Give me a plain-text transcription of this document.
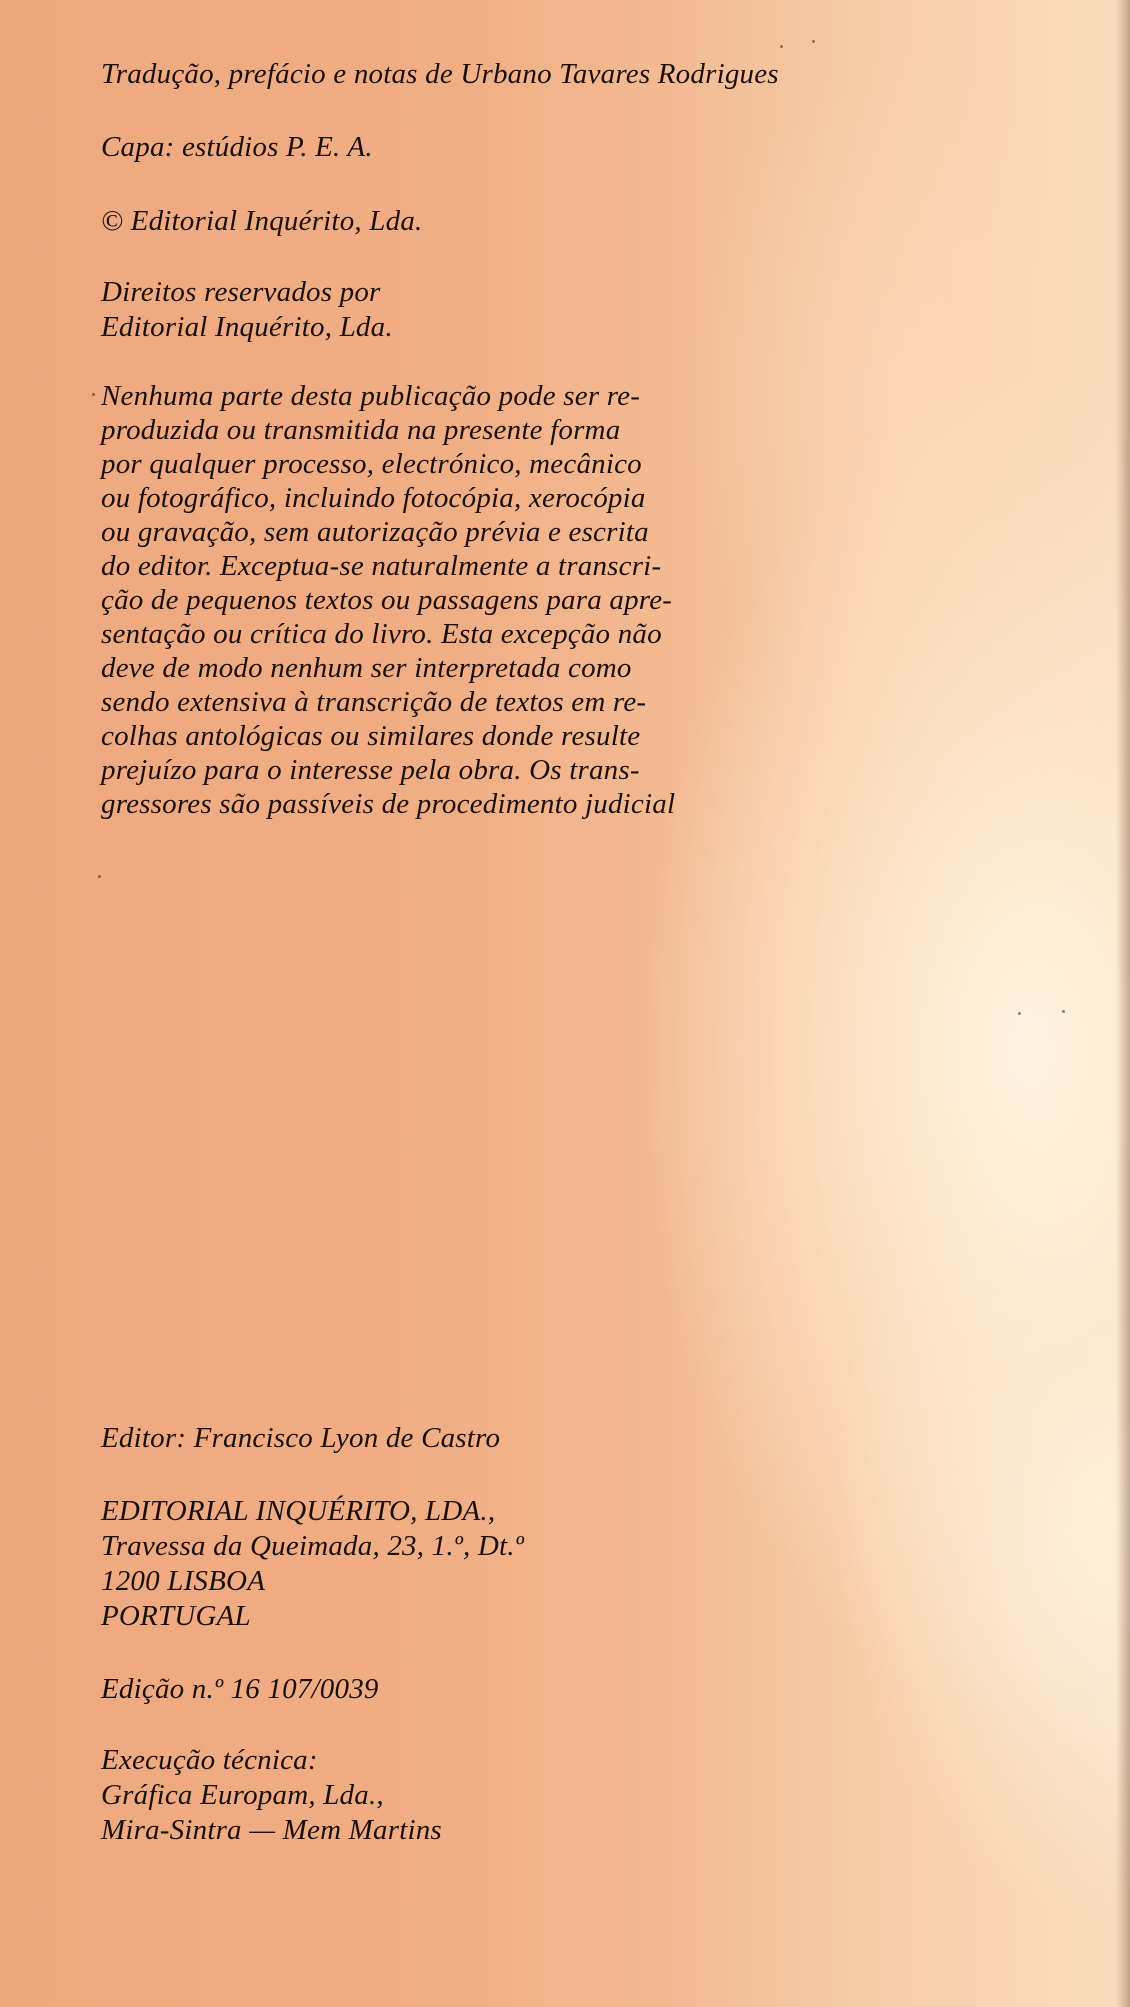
Tradução, prefácio e notas de Urbano Tavares Rodrigues

Capa: estúdios P. E. A.

© Editorial Inquérito, Lda.

Direitos reservados por

Editorial Inquérito, Lda.

Nenhuma parte desta publicação pode ser re-

produzida ou transmitida na presente forma

por qualquer processo, electrónico, mecânico

ou fotográfico, incluindo fotocópia, xerocópia

ou gravação, sem autorização prévia e escrita

do editor. Exceptua-se naturalmente a transcri-

ção de pequenos textos ou passagens para apre-

sentação ou crítica do livro. Esta excepção não

deve de modo nenhum ser interpretada como

sendo extensiva à transcrição de textos em re-

colhas antológicas ou similares donde resulte

prejuízo para o interesse pela obra. Os trans-

gressores são passíveis de procedimento judicial

Editor: Francisco Lyon de Castro

EDITORIAL INQUÉRITO, LDA.,

Travessa da Queimada, 23, 1.º, Dt.º

1200 LISBOA

PORTUGAL

Edição n.º 16 107/0039

Execução técnica:

Gráfica Europam, Lda.,

Mira-Sintra — Mem Martins
